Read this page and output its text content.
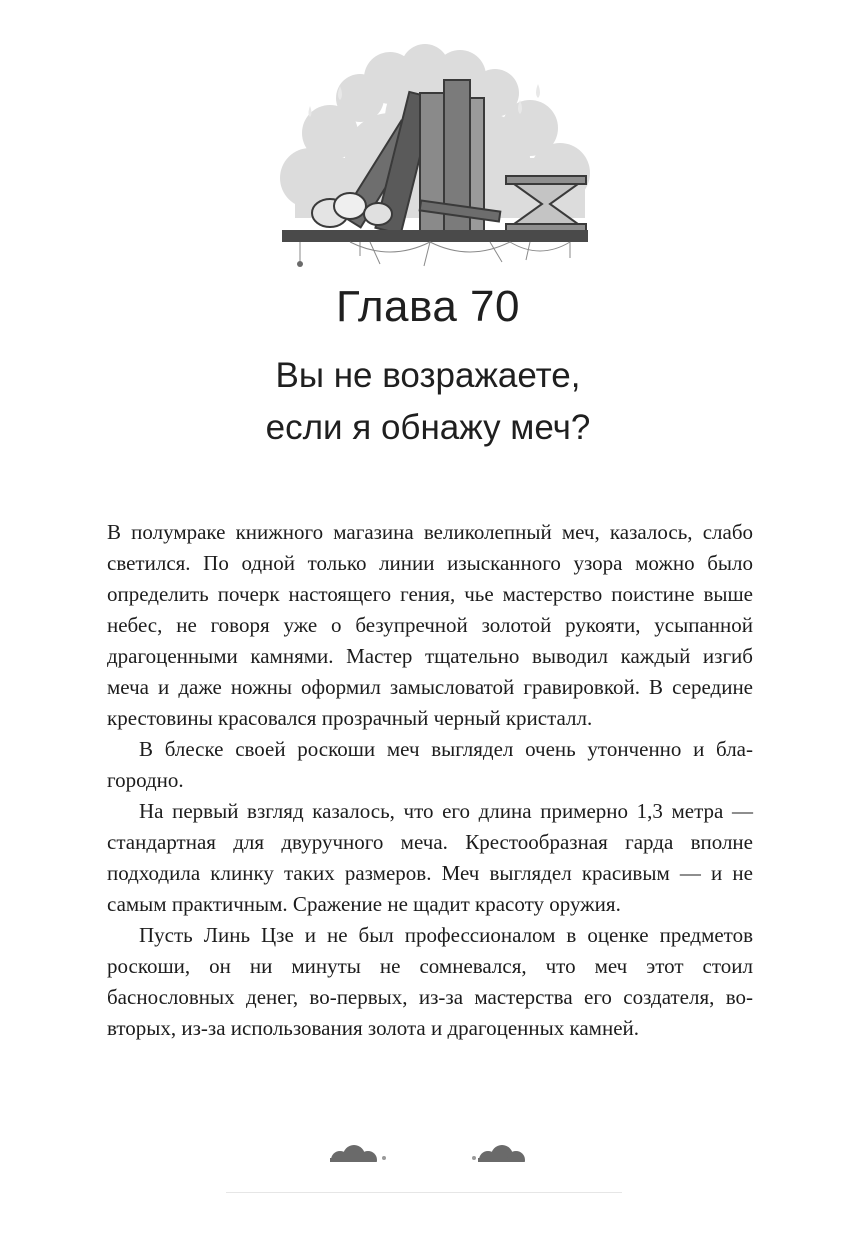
Глава 70
Вы не возражаете,
если я обнажу меч?

В полумраке книжного магазина великолепный меч, казалось, слабо светился. По одной только линии изысканного узора можно было определить почерк настоящего гения, чье мастерство поистине выше небес, не говоря уже о безупречной золотой рукояти, усыпанной драгоценными камнями. Мастер тщательно выводил каждый изгиб меча и даже ножны оформил замысловатой гравировкой. В середине крестовины красовался прозрачный черный кристалл.

В блеске своей роскоши меч выглядел очень утонченно и благородно.

На первый взгляд казалось, что его длина примерно 1,3 метра — стандартная для двуручного меча. Крестообразная гарда вполне подходила клинку таких размеров. Меч выглядел красивым — и не самым практичным. Сражение не щадит красоту оружия.

Пусть Линь Цзе и не был профессионалом в оценке предметов роскоши, он ни минуты не сомневался, что меч этот стоил баснословных денег, во-первых, из-за мастерства его создателя, во-вторых, из-за использования золота и драгоценных камней.
